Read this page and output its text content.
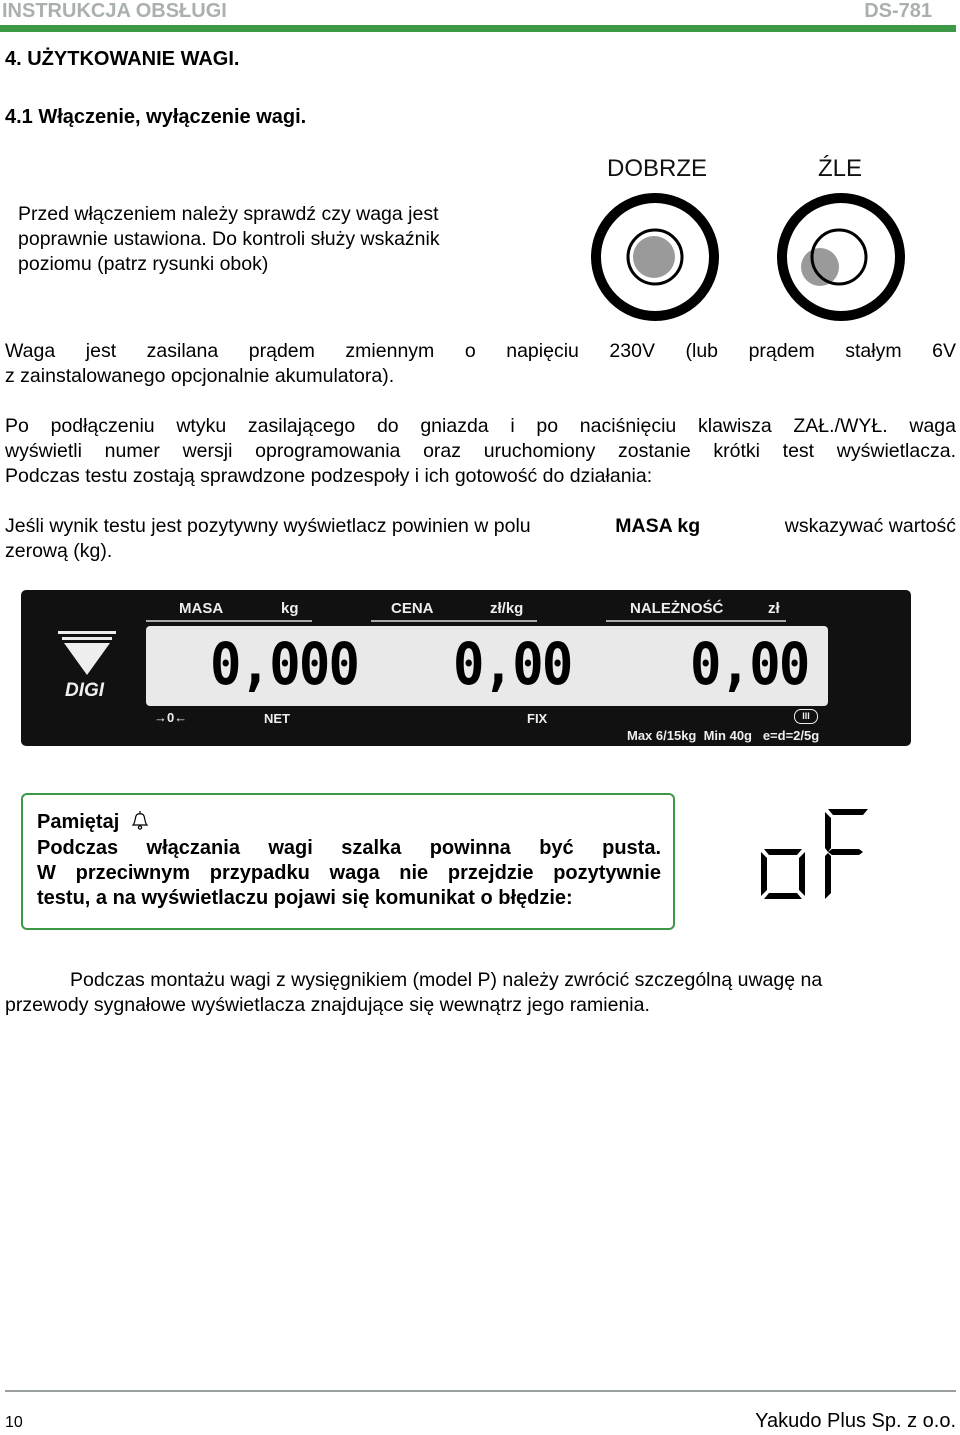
INSTRUKCJA OBSŁUGI	DS-781
4. UŻYTKOWANIE WAGI.
4.1 Włączenie, wyłączenie wagi.
Przed włączeniem należy sprawdź czy waga jest
poprawnie ustawiona. Do kontroli służy wskaźnik
poziomu (patrz rysunki obok)
DOBRZE	ŹLE
Waga jest zasilana prądem zmiennym o napięciu 230V (lub prądem stałym 6V
z zainstalowanego opcjonalnie akumulatora).
Po podłączeniu wtyku zasilającego do gniazda i po naciśnięciu klawisza ZAŁ./WYŁ. waga
wyświetli numer wersji oprogramowania oraz uruchomiony zostanie krótki test wyświetlacza.
Podczas testu zostają sprawdzone podzespoły i ich gotowość do działania:
Jeśli wynik testu jest pozytywny wyświetlacz powinien w polu	MASA kg	wskazywać wartość
zerową (kg).
MASA	kg	CENA	zł/kg	NALEŻNOŚĆ	zł
DIGI 0,000 0,00 0,00
→0←	NET	FIX	III
Max 6/15kg  Min 40g   e=d=2/5g
Pamiętaj
Podczas włączania wagi szalka powinna być pusta.
W przeciwnym przypadku waga nie przejdzie pozytywnie
testu, a na wyświetlaczu pojawi się komunikat o błędzie:
oF
Podczas montażu wagi z wysięgnikiem (model P) należy zwrócić szczególną uwagę na
przewody sygnałowe wyświetlacza znajdujące się wewnątrz jego ramienia.
10	Yakudo Plus Sp. z o.o.
